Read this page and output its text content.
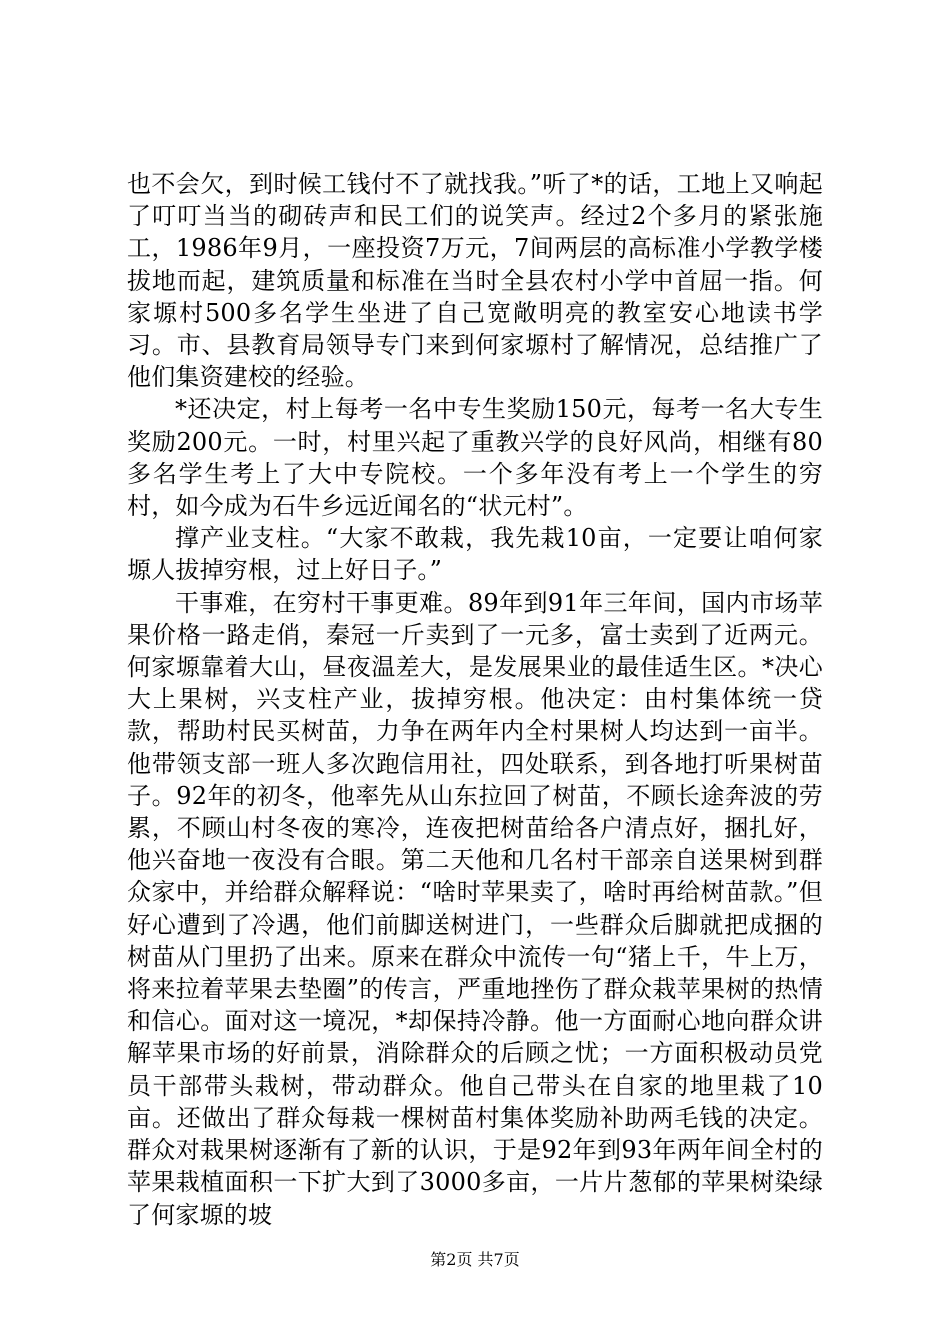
也不会欠，到时候工钱付不了就找我。”听了*的话，工地上又响起了叮叮当当的砌砖声和民工们的说笑声。经过2个多月的紧张施工，1986年9月，一座投资7万元，7间两层的高标准小学教学楼拔地而起，建筑质量和标准在当时全县农村小学中首屈一指。何家塬村500多名学生坐进了自己宽敞明亮的教室安心地读书学习。市、县教育局领导专门来到何家塬村了解情况，总结推广了他们集资建校的经验。

*还决定，村上每考一名中专生奖励150元，每考一名大专生奖励200元。一时，村里兴起了重教兴学的良好风尚，相继有80多名学生考上了大中专院校。一个多年没有考上一个学生的穷村，如今成为石牛乡远近闻名的“状元村”。

撑产业支柱。“大家不敢栽，我先栽10亩，一定要让咱何家塬人拔掉穷根，过上好日子。”

干事难，在穷村干事更难。89年到91年三年间，国内市场苹果价格一路走俏，秦冠一斤卖到了一元多，富士卖到了近两元。何家塬靠着大山，昼夜温差大，是发展果业的最佳适生区。*决心大上果树，兴支柱产业，拔掉穷根。他决定：由村集体统一贷款，帮助村民买树苗，力争在两年内全村果树人均达到一亩半。他带领支部一班人多次跑信用社，四处联系，到各地打听果树苗子。92年的初冬，他率先从山东拉回了树苗，不顾长途奔波的劳累，不顾山村冬夜的寒冷，连夜把树苗给各户清点好，捆扎好，他兴奋地一夜没有合眼。第二天他和几名村干部亲自送果树到群众家中，并给群众解释说：“啥时苹果卖了，啥时再给树苗款。”但好心遭到了冷遇，他们前脚送树进门，一些群众后脚就把成捆的树苗从门里扔了出来。原来在群众中流传一句“猪上千，牛上万，将来拉着苹果去垫圈”的传言，严重地挫伤了群众栽苹果树的热情和信心。面对这一境况，*却保持冷静。他一方面耐心地向群众讲解苹果市场的好前景，消除群众的后顾之忧；一方面积极动员党员干部带头栽树，带动群众。他自己带头在自家的地里栽了10亩。还做出了群众每栽一棵树苗村集体奖励补助两毛钱的决定。群众对栽果树逐渐有了新的认识，于是92年到93年两年间全村的苹果栽植面积一下扩大到了3000多亩，一片片葱郁的苹果树染绿了何家塬的坡

第2页 共7页
